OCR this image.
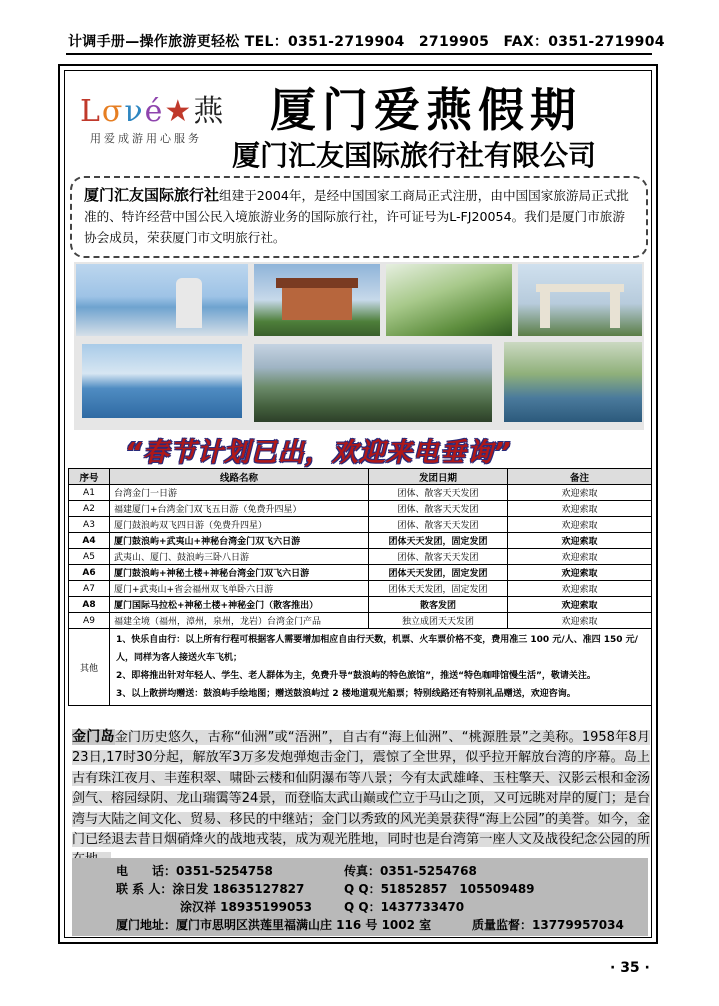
计调手册—操作旅游更轻松 TEL：0351-2719904　2719905　FAX：0351-2719904
Lσνé★燕
用爱成游用心服务
厦门爱燕假期
厦门汇友国际旅行社有限公司
厦门汇友国际旅行社组建于2004年，是经中国国家工商局正式注册，由中国国家旅游局正式批准的、特许经营中国公民入境旅游业务的国际旅行社，许可证号为L-FJ20054。我们是厦门市旅游协会成员，荣获厦门市文明旅行社。
“春节计划已出，欢迎来电垂询”
序号	线路名称	发团日期	备注
A1	台湾金门一日游	团体、散客天天发团	欢迎索取
A2	福建厦门+台湾金门双飞五日游（免费升四星）	团体、散客天天发团	欢迎索取
A3	厦门鼓浪屿双飞四日游（免费升四星）	团体、散客天天发团	欢迎索取
A4	厦门鼓浪屿+武夷山+神秘台湾金门双飞六日游	团体天天发团，固定发团	欢迎索取
A5	武夷山、厦门、鼓浪屿三卧八日游	团体、散客天天发团	欢迎索取
A6	厦门鼓浪屿+神秘土楼+神秘台湾金门双飞六日游	团体天天发团，固定发团	欢迎索取
A7	厦门+武夷山+省会福州双飞单卧六日游	团体天天发团，固定发团	欢迎索取
A8	厦门国际马拉松+神秘土楼+神秘金门（散客推出）	散客发团	欢迎索取
A9	福建全境（福州，漳州，泉州，龙岩）台湾金门产品	独立成团天天发团	欢迎索取
其他	1、快乐自由行：以上所有行程可根据客人需要增加相应自由行天数，机票、火车票价格不变，费用准三 100 元/人、准四 150 元/人，同样为客人接送火车飞机；
2、即将推出针对年轻人、学生、老人群体为主，免费升导“鼓浪屿的特色旅馆”，推送“特色咖啡馆慢生活”，敬请关注。
3、以上散拼均赠送：鼓浪屿手绘地图；赠送鼓浪屿过 2 楼地道观光船票；特别线路还有特别礼品赠送，欢迎咨询。		
金门岛金门历史悠久，古称“仙洲”或“浯洲”，自古有“海上仙洲”、“桃源胜景”之美称。1958年8月23日,17时30分起，解放军3万多发炮弹炮击金门，震惊了全世界，似乎拉开解放台湾的序幕。岛上古有珠江夜月、丰莲积翠、啸卧云楼和仙阴瀑布等八景；今有太武雄峰、玉柱擎天、汉影云根和金汤剑气、榕园绿阴、龙山瑞霭等24景，而登临太武山巅或伫立于马山之顶，又可远眺对岸的厦门；是台湾与大陆之间文化、贸易、移民的中继站；金门以秀致的风光美景获得“海上公园”的美誉。如今，金门已经退去昔日烟硝烽火的战地戎装，成为观光胜地，同时也是台湾第一座人文及战役纪念公园的所
电　　话：0351-5254758	传真：0351-5254768
联 系 人：涂日发 18635127827	Q Q：51852857　105509489
涂汉祥 18935199053	Q Q：1437733470
厦门地址：厦门市思明区洪莲里福满山庄 116 号 1002 室	质量监督：13779957034
· 35 ·
